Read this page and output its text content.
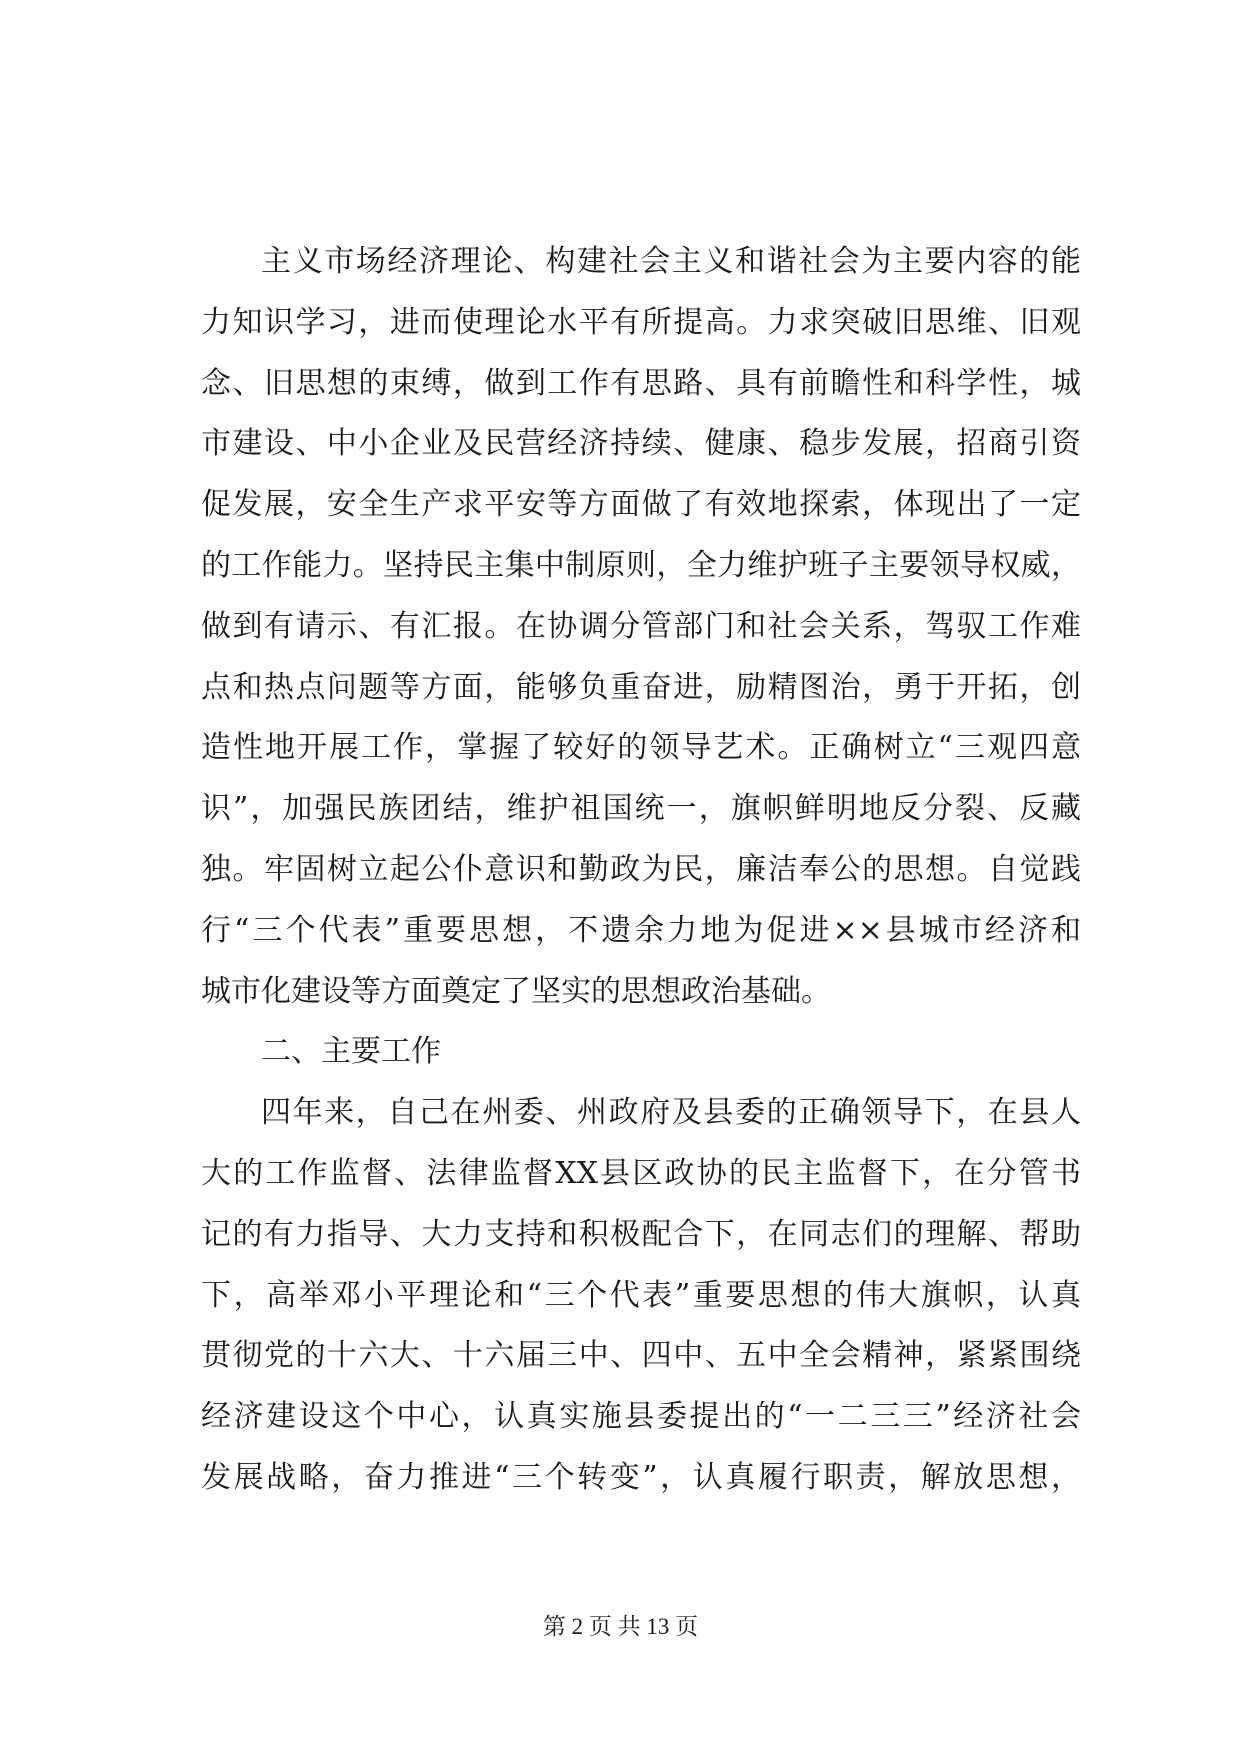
主义市场经济理论、构建社会主义和谐社会为主要内容的能
力知识学习，进而使理论水平有所提高。力求突破旧思维、旧观
念、旧思想的束缚，做到工作有思路、具有前瞻性和科学性，城
市建设、中小企业及民营经济持续、健康、稳步发展，招商引资
促发展，安全生产求平安等方面做了有效地探索，体现出了一定
的工作能力。坚持民主集中制原则，全力维护班子主要领导权威，
做到有请示、有汇报。在协调分管部门和社会关系，驾驭工作难
点和热点问题等方面，能够负重奋进，励精图治，勇于开拓，创
造性地开展工作，掌握了较好的领导艺术。正确树立“三观四意
识”，加强民族团结，维护祖国统一，旗帜鲜明地反分裂、反藏
独。牢固树立起公仆意识和勤政为民，廉洁奉公的思想。自觉践
行“三个代表”重要思想，不遗余力地为促进××县城市经济和
城市化建设等方面奠定了坚实的思想政治基础。
二、主要工作
四年来，自己在州委、州政府及县委的正确领导下，在县人
大的工作监督、法律监督XX县区政协的民主监督下，在分管书
记的有力指导、大力支持和积极配合下，在同志们的理解、帮助
下，高举邓小平理论和“三个代表”重要思想的伟大旗帜，认真
贯彻党的十六大、十六届三中、四中、五中全会精神，紧紧围绕
经济建设这个中心，认真实施县委提出的“一二三三”经济社会
发展战略，奋力推进“三个转变”，认真履行职责，解放思想，
第 2 页 共 13 页
